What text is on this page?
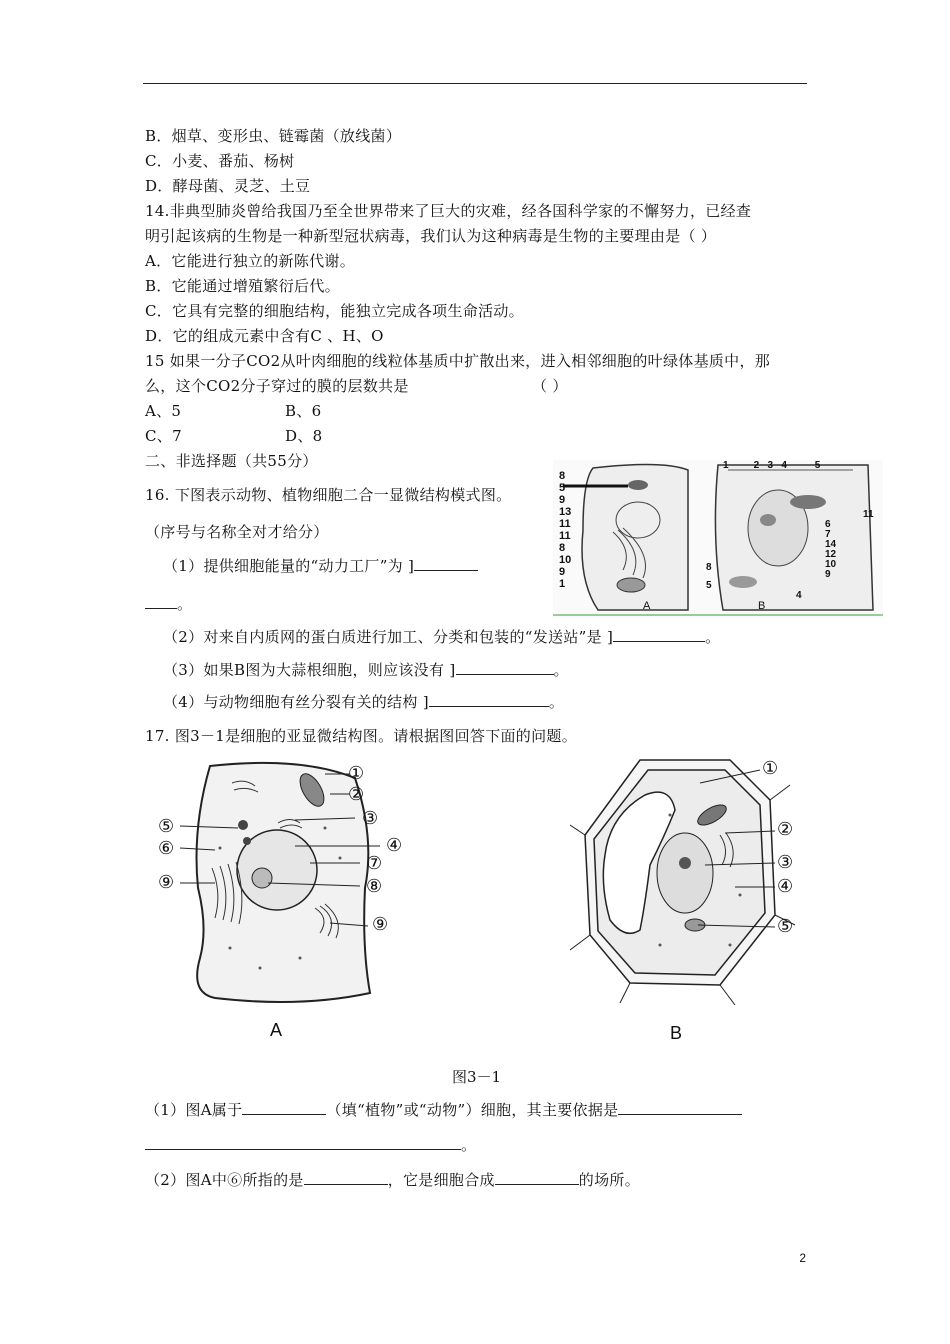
B．烟草、变形虫、链霉菌（放线菌）
C．小麦、番茄、杨树
D．酵母菌、灵芝、土豆
14.非典型肺炎曾给我国乃至全世界带来了巨大的灾难，经各国科学家的不懈努力，已经查
明引起该病的生物是一种新型冠状病毒，我们认为这种病毒是生物的主要理由是（ ）
A．它能进行独立的新陈代谢。
B．它能通过增殖繁衍后代。
C．它具有完整的细胞结构，能独立完成各项生命活动。
D．它的组成元素中含有C 、H、O
15 如果一分子CO2从叶肉细胞的线粒体基质中扩散出来，进入相邻细胞的叶绿体基质中，那
么，这个CO2分子穿过的膜的层数共是	（ ）
A、5	B、6
C、7	D、8
二、非选择题（共55分）
16. 下图表示动物、植物细胞二合一显微结构模式图。
（序号与名称全对才给分）
（1）提供细胞能量的“动力工厂”为 ]
。
（2）对来自内质网的蛋白质进行加工、分类和包装的“发送站”是 ]	。
（3）如果B图为大蒜根细胞，则应该没有 ]	。
（4）与动物细胞有丝分裂有关的结构 ]	。
8
5
9
13
11
11
8
10
9
1
1	2 3 4	5
11
6
7
14
12
10
9
5
8
4
A	B
17. 图3－1是细胞的亚显微结构图。请根据图回答下面的问题。
①
②
③
④
⑤
⑥
⑦
⑧
⑨
⑨
A
①
②
③
④
⑤
B
图3－1
（1）图A属于	（填“植物”或“动物”）细胞，其主要依据是
。
（2）图A中⑥所指的是	，它是细胞合成	的场所。
2
